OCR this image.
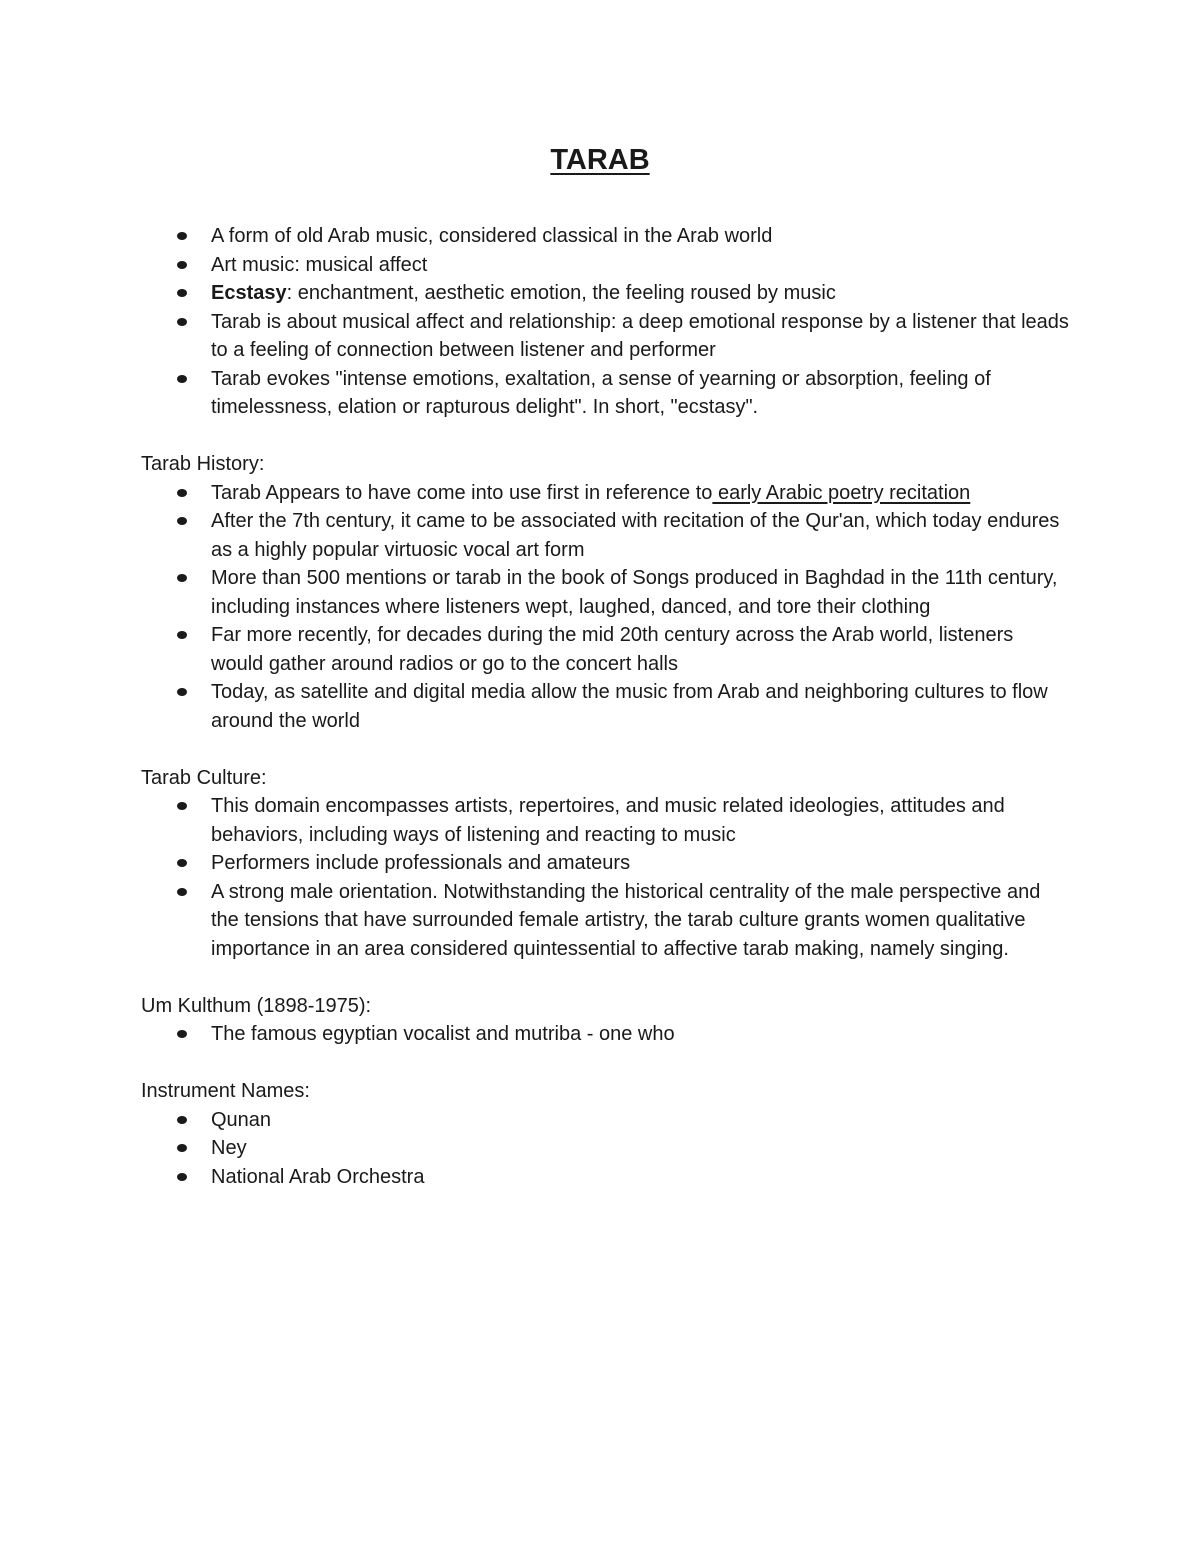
TARAB
A form of old Arab music, considered classical in the Arab world
Art music: musical affect
Ecstasy: enchantment, aesthetic emotion, the feeling roused by music
Tarab is about musical affect and relationship: a deep emotional response by a listener that leads to a feeling of connection between listener and performer
Tarab evokes "intense emotions, exaltation, a sense of yearning or absorption, feeling of timelessness, elation or rapturous delight". In short, "ecstasy".

Tarab History:

Tarab Appears to have come into use first in reference to early Arabic poetry recitation
After the 7th century, it came to be associated with recitation of the Qur'an, which today endures as a highly popular virtuosic vocal art form
More than 500 mentions or tarab in the book of Songs produced in Baghdad in the 11th century, including instances where listeners wept, laughed, danced, and tore their clothing
Far more recently, for decades during the mid 20th century across the Arab world, listeners would gather around radios or go to the concert halls
Today, as satellite and digital media allow the music from Arab and neighboring cultures to flow around the world

Tarab Culture:

This domain encompasses artists, repertoires, and music related ideologies, attitudes and behaviors, including ways of listening and reacting to music
Performers include professionals and amateurs
A strong male orientation. Notwithstanding the historical centrality of the male perspective and the tensions that have surrounded female artistry, the tarab culture grants women qualitative importance in an area considered quintessential to affective tarab making, namely singing.

Um Kulthum (1898-1975):

The famous egyptian vocalist and mutriba - one who

Instrument Names:

Qunan
Ney
National Arab Orchestra
